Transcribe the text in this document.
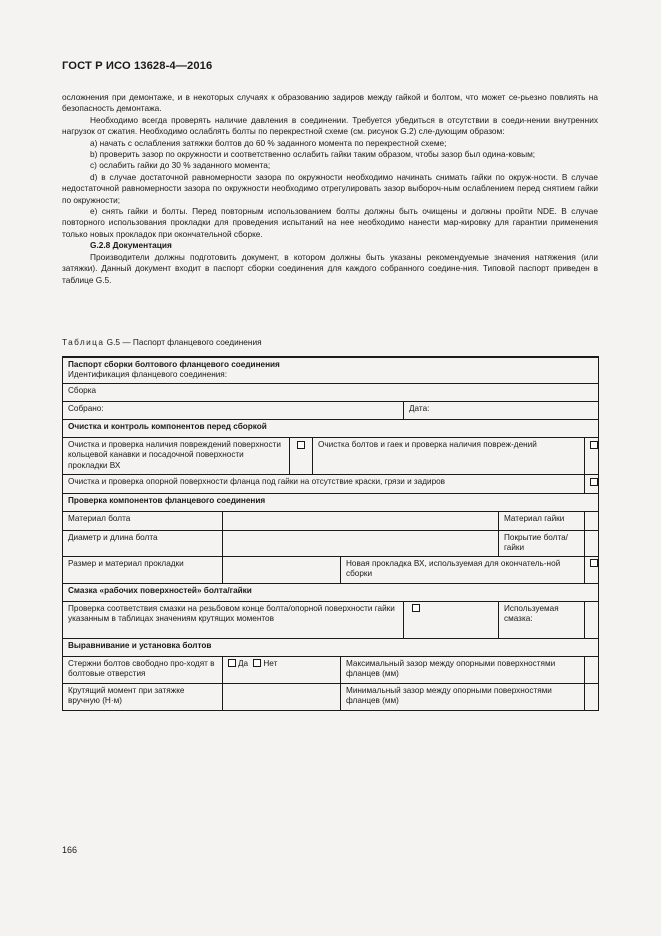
ГОСТ Р ИСО 13628-4—2016

осложнения при демонтаже, и в некоторых случаях к образованию задиров между гайкой и болтом, что может се-рьезно повлиять на безопасность демонтажа.

Необходимо всегда проверять наличие давления в соединении. Требуется убедиться в отсутствии в соеди-нении внутренних нагрузок от сжатия. Необходимо ослаблять болты по перекрестной схеме (см. рисунок G.2) сле-дующим образом:

а) начать с ослабления затяжки болтов до 60 % заданного момента по перекрестной схеме;

b) проверить зазор по окружности и соответственно ослабить гайки таким образом, чтобы зазор был одина-ковым;

с) ослабить гайки до 30 % заданного момента;

d) в случае достаточной равномерности зазора по окружности необходимо начинать снимать гайки по окруж-ности. В случае недостаточной равномерности зазора по окружности необходимо отрегулировать зазор выбороч-ным ослаблением перед снятием гайки по окружности;

е) снять гайки и болты. Перед повторным использованием болты должны быть очищены и должны пройти NDE. В случае повторного использования прокладки для проведения испытаний на нее необходимо нанести мар-кировку для гарантии применения только новых прокладок при окончательной сборке.

G.2.8 Документация

Производители должны подготовить документ, в котором должны быть указаны рекомендуемые значения натяжения (или затяжки). Данный документ входит в паспорт сборки соединения для каждого собранного соедине-ния. Типовой паспорт приведен в таблице G.5.

Таблица G.5 — Паспорт фланцевого соединения
Паспорт сборки болтового фланцевого соединения
Идентификация фланцевого соединения:							

Сборка							
Собрано:					Дата:		
Очистка и контроль компонентов перед сборкой							
Очистка и проверка наличия повреждений поверхности кольцевой канавки и посадочной поверхности прокладки ВХ			Очистка болтов и гаек и проверка наличия повреж-дений				
Очистка и проверка опорной поверхности фланца под гайки на отсутствие краски, грязи и задиров							
Проверка компонентов фланцевого соединения							
Материал болта						Материал гайки	
Диаметр и длина болта						Покрытие болта/гайки	
Размер и материал прокладки				Новая прокладка ВХ, используемая для окончатель-ной сборки			
Смазка «рабочих поверхностей» болта/гайки							
Проверка соответствия смазки на резьбовом конце болта/опорной поверхности гайки указанным в таблицах значениям крутящих моментов						Используемая смазка:	
Выравнивание и установка болтов							
Стержни болтов свободно про-ходят в болтовые отверстия	Да Нет			Максимальный зазор между опорными поверхностями фланцев (мм)			
Крутящий момент при затяжке вручную (Н·м)				Минимальный зазор между опорными поверхностями фланцев (мм)			
166
